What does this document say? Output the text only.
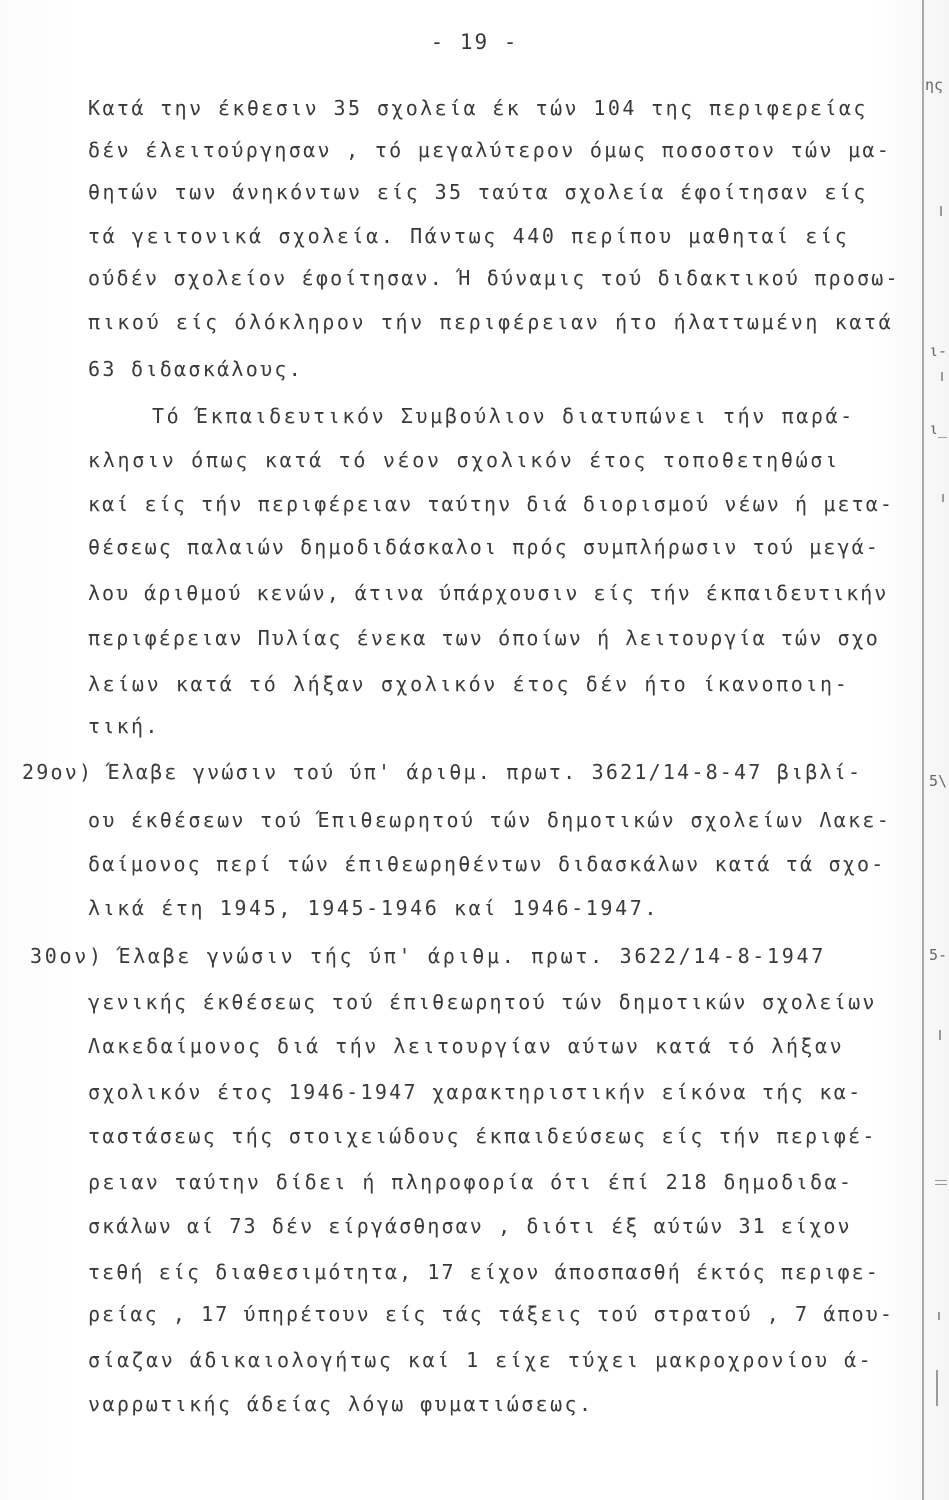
- 19 -
Κατά την έκθεσιν 35 σχολεία έκ τών 104 της περιφερείας
δέν έλειτούργησαν , τό μεγαλύτερον όμως ποσοστον τών μα-
θητών των άνηκόντων είς 35 ταύτα σχολεία έφοίτησαν είς
τά γειτονικά σχολεία. Πάντως 440 περίπου μαθηταί είς
ούδέν σχολείον έφοίτησαν. Ή δύναμις τού διδακτικού προσω-
πικού είς όλόκληρον τήν περιφέρειαν ήτο ήλαττωμένη κατά
63 διδασκάλους.
Τό Έκπαιδευτικόν Συμβούλιον διατυπώνει τήν παρά-
κλησιν όπως κατά τό νέον σχολικόν έτος τοποθετηθώσι
καί είς τήν περιφέρειαν ταύτην διά διορισμού νέων ή μετα-
θέσεως παλαιών δημοδιδάσκαλοι πρός συμπλήρωσιν τού μεγά-
λου άριθμού κενών, άτινα ύπάρχουσιν είς τήν έκπαιδευτικήν
περιφέρειαν Πυλίας ένεκα των όποίων ή λειτουργία τών σχο
λείων κατά τό λήξαν σχολικόν έτος δέν ήτο ίκανοποιη-
τική.
29ον) Έλαβε γνώσιν τού ύπ' άριθμ. πρωτ. 3621/14-8-47 βιβλί-
ου έκθέσεων τού Έπιθεωρητού τών δημοτικών σχολείων Λακε-
δαίμονος περί τών έπιθεωρηθέντων διδασκάλων κατά τά σχο-
λικά έτη 1945, 1945-1946 καί 1946-1947.
30ον) Έλαβε γνώσιν τής ύπ' άριθμ. πρωτ. 3622/14-8-1947
γενικής έκθέσεως τού έπιθεωρητού τών δημοτικών σχολείων
Λακεδαίμονος διά τήν λειτουργίαν αύτων κατά τό λήξαν
σχολικόν έτος 1946-1947 χαρακτηριστικήν είκόνα τής κα-
ταστάσεως τής στοιχειώδους έκπαιδεύσεως είς τήν περιφέ-
ρειαν ταύτην δίδει ή πληροφορία ότι έπί 218 δημοδιδα-
σκάλων αί 73 δέν είργάσθησαν , διότι έξ αύτών 31 είχον
τεθή είς διαθεσιμότητα, 17 είχον άποσπασθή έκτός περιφε-
ρείας , 17 ύπηρέτουν είς τάς τάξεις τού στρατού , 7 άπου-
σίαζαν άδικαιολογήτως καί 1 είχε τύχει μακροχρονίου ά-
ναρρωτικής άδείας λόγω φυματιώσεως.
ης
ι-
ι_
5\
5-
